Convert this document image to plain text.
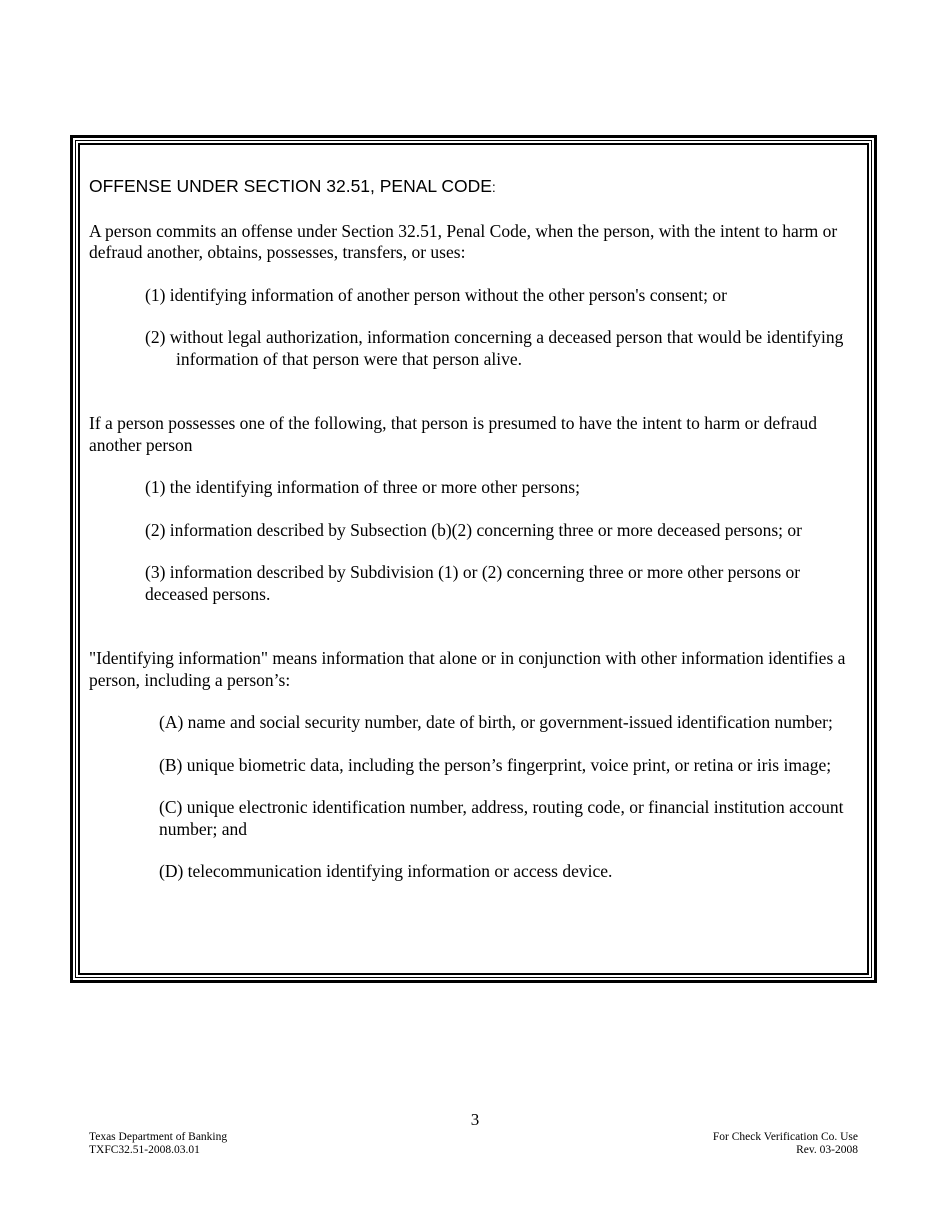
OFFENSE UNDER SECTION 32.51, PENAL CODE:

A person commits an offense under Section 32.51, Penal Code, when the person, with the intent to harm or defraud another, obtains, possesses, transfers, or uses:

(1) identifying information of another person without the other person's consent; or

(2) without legal authorization, information concerning a deceased person that would be identifying information of that person were that person alive.

If a person possesses one of the following, that person is presumed to have the intent to harm or defraud another person

(1) the identifying information of three or more other persons;

(2) information described by Subsection (b)(2) concerning three or more deceased persons; or

(3) information described by Subdivision (1) or (2) concerning three or more other persons or deceased persons.

"Identifying information" means information that alone or in conjunction with other information identifies a person, including a person’s:

(A) name and social security number, date of birth, or government-issued identification number;

(B) unique biometric data, including the person’s fingerprint, voice print, or retina or iris image;

(C) unique electronic identification number, address, routing code, or financial institution account number; and

(D) telecommunication identifying information or access device.

3
Texas Department of Banking
TXFC32.51-2008.03.01
For Check Verification Co. Use
Rev. 03-2008
